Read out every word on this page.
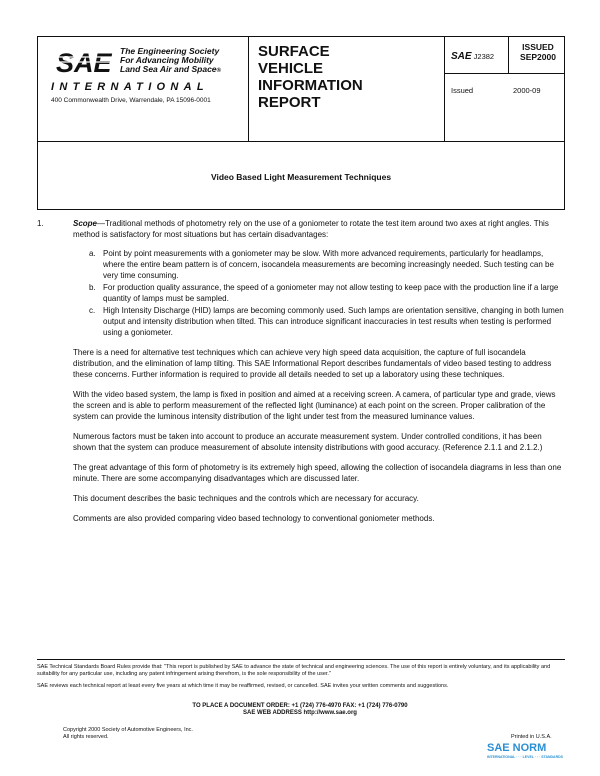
SAE The Engineering Society
For Advancing Mobility
Land Sea Air and Space®
INTERNATIONAL
400 Commonwealth Drive, Warrendale, PA 15096-0001
SURFACE
VEHICLE
INFORMATION
REPORT
SAE J2382
Issued	2000-09
ISSUED
SEP2000
Video Based Light Measurement Techniques
1.	Scope—Traditional methods of photometry rely on the use of a goniometer to rotate the test item around two axes at right angles. This method is satisfactory for most situations but has certain disadvantages:
a. Point by point measurements with a goniometer may be slow. With more advanced requirements, particularly for headlamps, where the entire beam pattern is of concern, isocandela measurements are becoming increasingly needed. Such testing can be very time consuming.
b. For production quality assurance, the speed of a goniometer may not allow testing to keep pace with the production line if a large quantity of lamps must be sampled.
c. High Intensity Discharge (HID) lamps are becoming commonly used. Such lamps are orientation sensitive, changing in both lumen output and intensity distribution when tilted. This can introduce significant inaccuracies in test results when testing is performed using a goniometer.
There is a need for alternative test techniques which can achieve very high speed data acquisition, the capture of full isocandela distribution, and the elimination of lamp tilting. This SAE Informational Report describes fundamentals of video based testing to address these concerns. Further information is required to provide all details needed to set up a laboratory using these techniques.
With the video based system, the lamp is fixed in position and aimed at a receiving screen. A camera, of particular type and grade, views the screen and is able to perform measurement of the reflected light (luminance) at each point on the screen. Proper calibration of the system can provide the luminous intensity distribution of the light under test from the measured luminance values.
Numerous factors must be taken into account to produce an accurate measurement system. Under controlled conditions, it has been shown that the system can produce measurement of absolute intensity distributions with good accuracy. (Reference 2.1.1 and 2.1.2.)
The great advantage of this form of photometry is its extremely high speed, allowing the collection of isocandela diagrams in less than one minute. There are some accompanying disadvantages which are discussed later.
This document describes the basic techniques and the controls which are necessary for accuracy.
Comments are also provided comparing video based technology to conventional goniometer methods.
SAE Technical Standards Board Rules provide that: "This report is published by SAE to advance the state of technical and engineering sciences. The use of this report is entirely voluntary, and its applicability and suitability for any particular use, including any patent infringement arising therefrom, is the sole responsibility of the user."
SAE reviews each technical report at least every five years at which time it may be reaffirmed, revised, or cancelled. SAE invites your written comments and suggestions.
TO PLACE A DOCUMENT ORDER: +1 (724) 776-4970 FAX: +1 (724) 776-0790
SAE WEB ADDRESS http://www.sae.org
Copyright 2000 Society of Automotive Engineers, Inc.
All rights reserved.	Printed in U.S.A.
SAE NORM
INTERNATIONAL · · · LEVEL · · · STANDARDS
